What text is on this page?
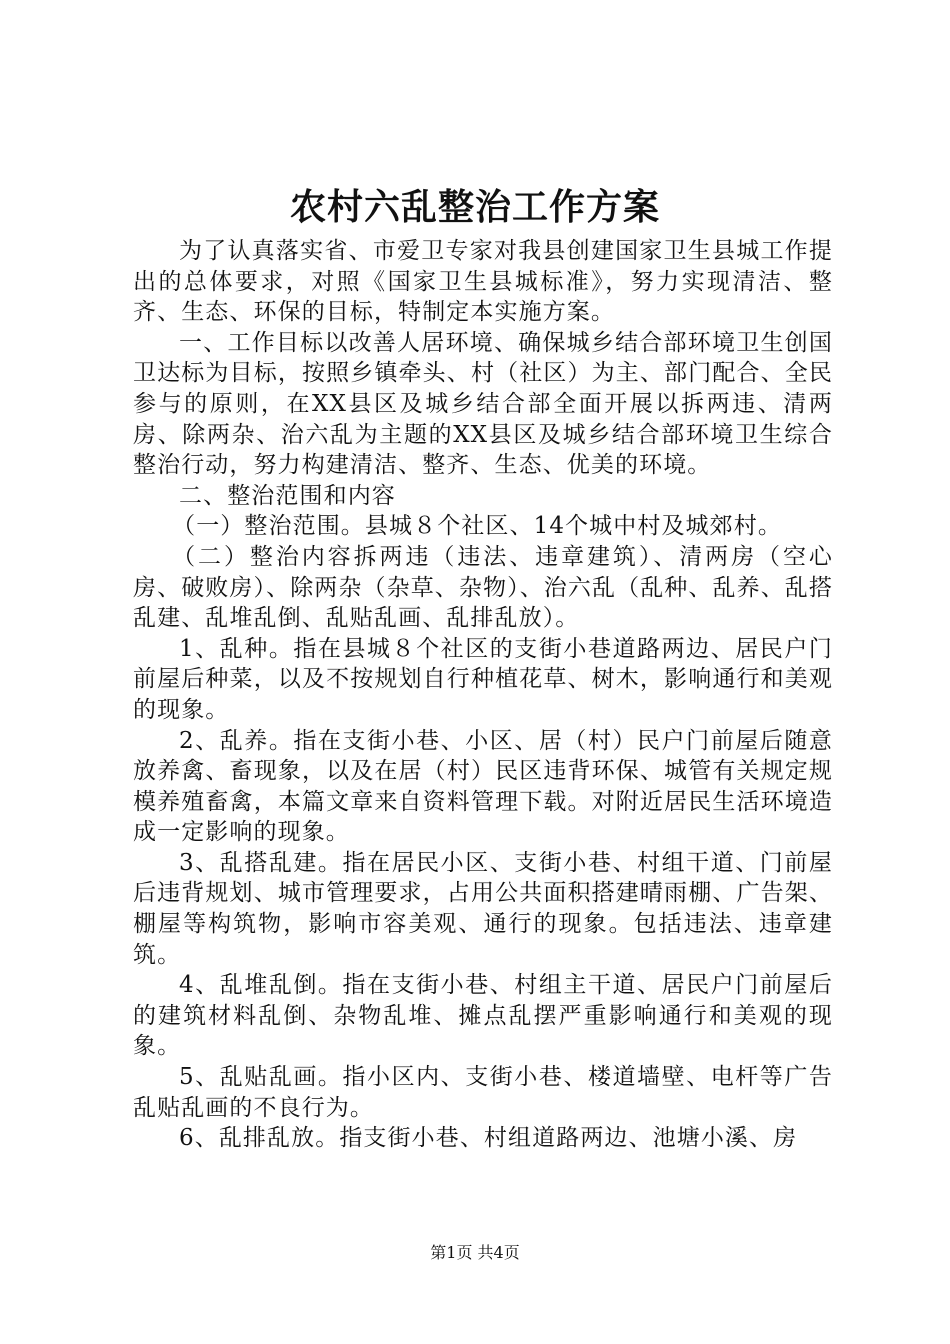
农村六乱整治工作方案

为了认真落实省、市爱卫专家对我县创建国家卫生县城工作提出的总体要求，对照《国家卫生县城标准》，努力实现清洁、整齐、生态、环保的目标，特制定本实施方案。

一、工作目标以改善人居环境、确保城乡结合部环境卫生创国卫达标为目标，按照乡镇牵头、村（社区）为主、部门配合、全民参与的原则，在XX县区及城乡结合部全面开展以拆两违、清两房、除两杂、治六乱为主题的XX县区及城乡结合部环境卫生综合整治行动，努力构建清洁、整齐、生态、优美的环境。

二、整治范围和内容

（一）整治范围。县城８个社区、14个城中村及城郊村。

（二）整治内容拆两违（违法、违章建筑）、清两房（空心房、破败房）、除两杂（杂草、杂物）、治六乱（乱种、乱养、乱搭乱建、乱堆乱倒、乱贴乱画、乱排乱放）。

1、乱种。指在县城８个社区的支街小巷道路两边、居民户门前屋后种菜，以及不按规划自行种植花草、树木，影响通行和美观的现象。

2、乱养。指在支街小巷、小区、居（村）民户门前屋后随意放养禽、畜现象，以及在居（村）民区违背环保、城管有关规定规模养殖畜禽，本篇文章来自资料管理下载。对附近居民生活环境造成一定影响的现象。

3、乱搭乱建。指在居民小区、支街小巷、村组干道、门前屋后违背规划、城市管理要求，占用公共面积搭建晴雨棚、广告架、棚屋等构筑物，影响市容美观、通行的现象。包括违法、违章建筑。

4、乱堆乱倒。指在支街小巷、村组主干道、居民户门前屋后的建筑材料乱倒、杂物乱堆、摊点乱摆严重影响通行和美观的现象。

5、乱贴乱画。指小区内、支街小巷、楼道墙壁、电杆等广告乱贴乱画的不良行为。

6、乱排乱放。指支街小巷、村组道路两边、池塘小溪、房

第1页 共4页
